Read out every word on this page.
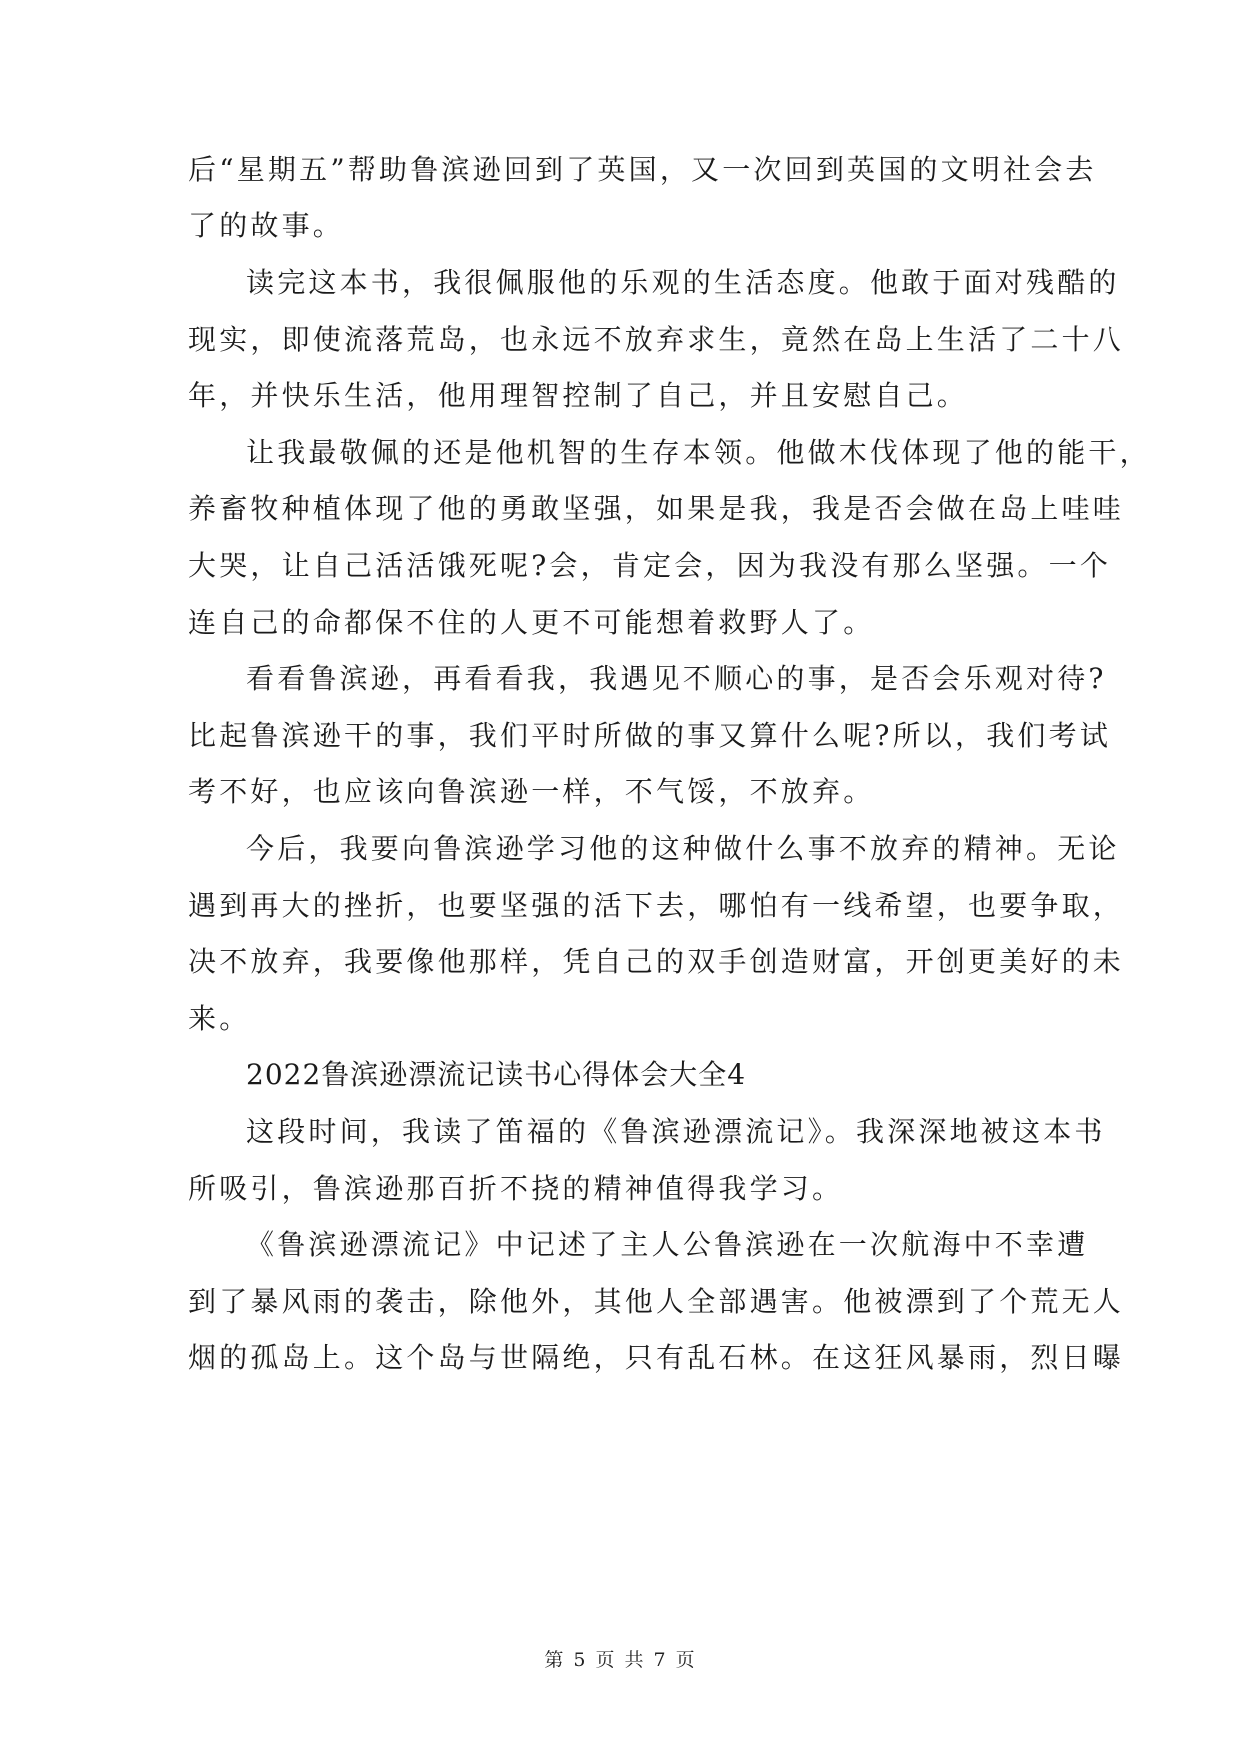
后“星期五”帮助鲁滨逊回到了英国，又一次回到英国的文明社会去
了的故事。
读完这本书，我很佩服他的乐观的生活态度。他敢于面对残酷的
现实，即使流落荒岛，也永远不放弃求生，竟然在岛上生活了二十八
年，并快乐生活，他用理智控制了自己，并且安慰自己。
让我最敬佩的还是他机智的生存本领。他做木伐体现了他的能干，
养畜牧种植体现了他的勇敢坚强，如果是我，我是否会做在岛上哇哇
大哭，让自己活活饿死呢?会，肯定会，因为我没有那么坚强。一个
连自己的命都保不住的人更不可能想着救野人了。
看看鲁滨逊，再看看我，我遇见不顺心的事，是否会乐观对待?
比起鲁滨逊干的事，我们平时所做的事又算什么呢?所以，我们考试
考不好，也应该向鲁滨逊一样，不气馁，不放弃。
今后，我要向鲁滨逊学习他的这种做什么事不放弃的精神。无论
遇到再大的挫折，也要坚强的活下去，哪怕有一线希望，也要争取，
决不放弃，我要像他那样，凭自己的双手创造财富，开创更美好的未
来。
2022鲁滨逊漂流记读书心得体会大全4
这段时间，我读了笛福的《鲁滨逊漂流记》。我深深地被这本书
所吸引，鲁滨逊那百折不挠的精神值得我学习。
《鲁滨逊漂流记》中记述了主人公鲁滨逊在一次航海中不幸遭
到了暴风雨的袭击，除他外，其他人全部遇害。他被漂到了个荒无人
烟的孤岛上。这个岛与世隔绝，只有乱石林。在这狂风暴雨，烈日曝
第 5 页 共 7 页
